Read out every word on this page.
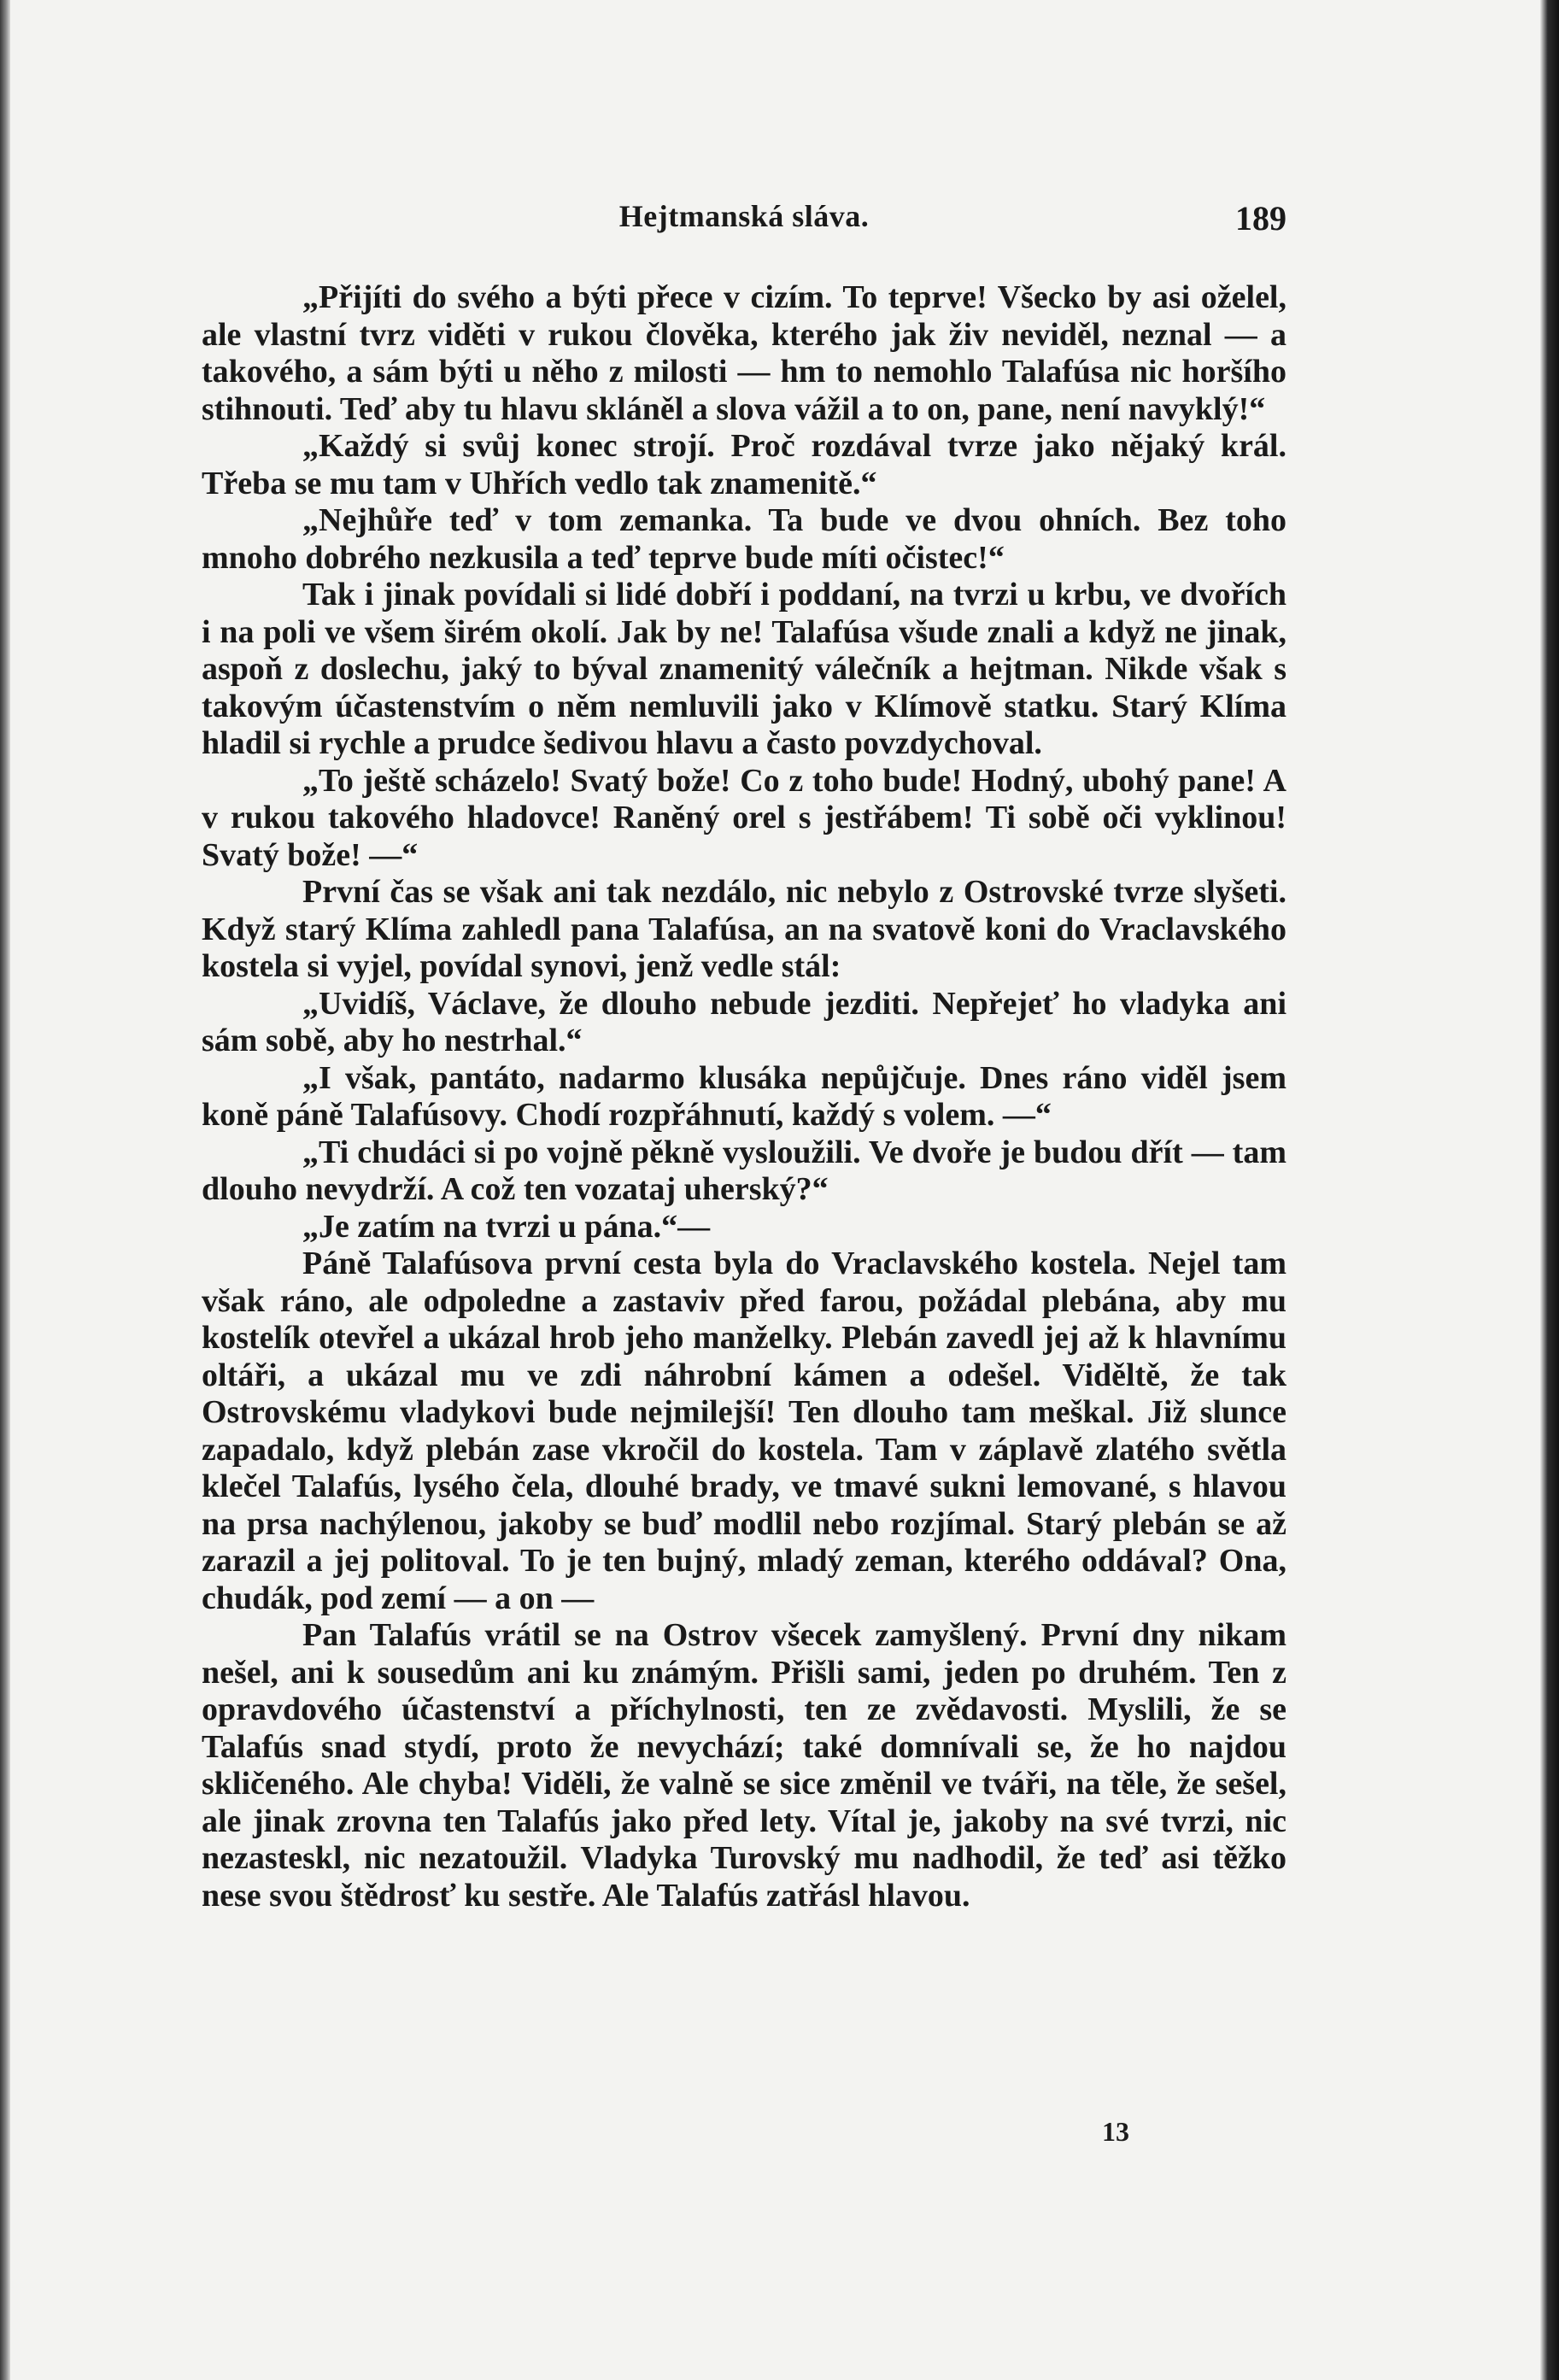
Hejtmanská sláva.	189

„Přijíti do svého a býti přece v cizím. To teprve! Všecko by asi oželel, ale vlastní tvrz viděti v rukou člověka, kterého jak živ neviděl, neznal — a takového, a sám býti u něho z milosti — hm to nemohlo Talafúsa nic horšího stihnouti. Teď aby tu hlavu skláněl a slova vážil a to on, pane, není navyklý!“

„Každý si svůj konec strojí. Proč rozdával tvrze jako nějaký král. Třeba se mu tam v Uhřích vedlo tak znamenitě.“

„Nejhůře teď v tom zemanka. Ta bude ve dvou ohních. Bez toho mnoho dobrého nezkusila a teď teprve bude míti očistec!“

Tak i jinak povídali si lidé dobří i poddaní, na tvrzi u krbu, ve dvořích i na poli ve všem širém okolí. Jak by ne! Talafúsa všude znali a když ne jinak, aspoň z doslechu, jaký to býval znamenitý válečník a hejtman. Nikde však s takovým účastenstvím o něm nemluvili jako v Klímově statku. Starý Klíma hladil si rychle a prudce šedivou hlavu a často povzdychoval.

„To ještě scházelo! Svatý bože! Co z toho bude! Hodný, ubohý pane! A v rukou takového hladovce! Raněný orel s jestřábem! Ti sobě oči vyklinou! Svatý bože! —“

První čas se však ani tak nezdálo, nic nebylo z Ostrovské tvrze slyšeti. Když starý Klíma zahledl pana Talafúsa, an na svatově koni do Vraclavského kostela si vyjel, povídal synovi, jenž vedle stál:

„Uvidíš, Václave, že dlouho nebude jezditi. Nepřejeť ho vladyka ani sám sobě, aby ho nestrhal.“

„I však, pantáto, nadarmo klusáka nepůjčuje. Dnes ráno viděl jsem koně páně Talafúsovy. Chodí rozpřáhnutí, každý s volem. —“

„Ti chudáci si po vojně pěkně vysloužili. Ve dvoře je budou dřít — tam dlouho nevydrží. A což ten vozataj uherský?“

„Je zatím na tvrzi u pána.“—

Páně Talafúsova první cesta byla do Vraclavského kostela. Nejel tam však ráno, ale odpoledne a zastaviv před farou, požádal plebána, aby mu kostelík otevřel a ukázal hrob jeho manželky. Plebán zavedl jej až k hlavnímu oltáři, a ukázal mu ve zdi náhrobní kámen a odešel. Viděltě, že tak Ostrovskému vladykovi bude nejmilejší! Ten dlouho tam meškal. Již slunce zapadalo, když plebán zase vkročil do kostela. Tam v záplavě zlatého světla klečel Talafús, lysého čela, dlouhé brady, ve tmavé sukni lemované, s hlavou na prsa nachýlenou, jakoby se buď modlil nebo rozjímal. Starý plebán se až zarazil a jej politoval. To je ten bujný, mladý zeman, kterého oddával? Ona, chudák, pod zemí — a on —

Pan Talafús vrátil se na Ostrov všecek zamyšlený. První dny nikam nešel, ani k sousedům ani ku známým. Přišli sami, jeden po druhém. Ten z opravdového účastenství a příchylnosti, ten ze zvědavosti. Myslili, že se Talafús snad stydí, proto že nevychází; také domnívali se, že ho najdou skličeného. Ale chyba! Viděli, že valně se sice změnil ve tváři, na těle, že sešel, ale jinak zrovna ten Talafús jako před lety. Vítal je, jakoby na své tvrzi, nic nezasteskl, nic nezatoužil. Vladyka Turovský mu nadhodil, že teď asi těžko nese svou štědrosť ku sestře. Ale Talafús zatřásl hlavou.

13
